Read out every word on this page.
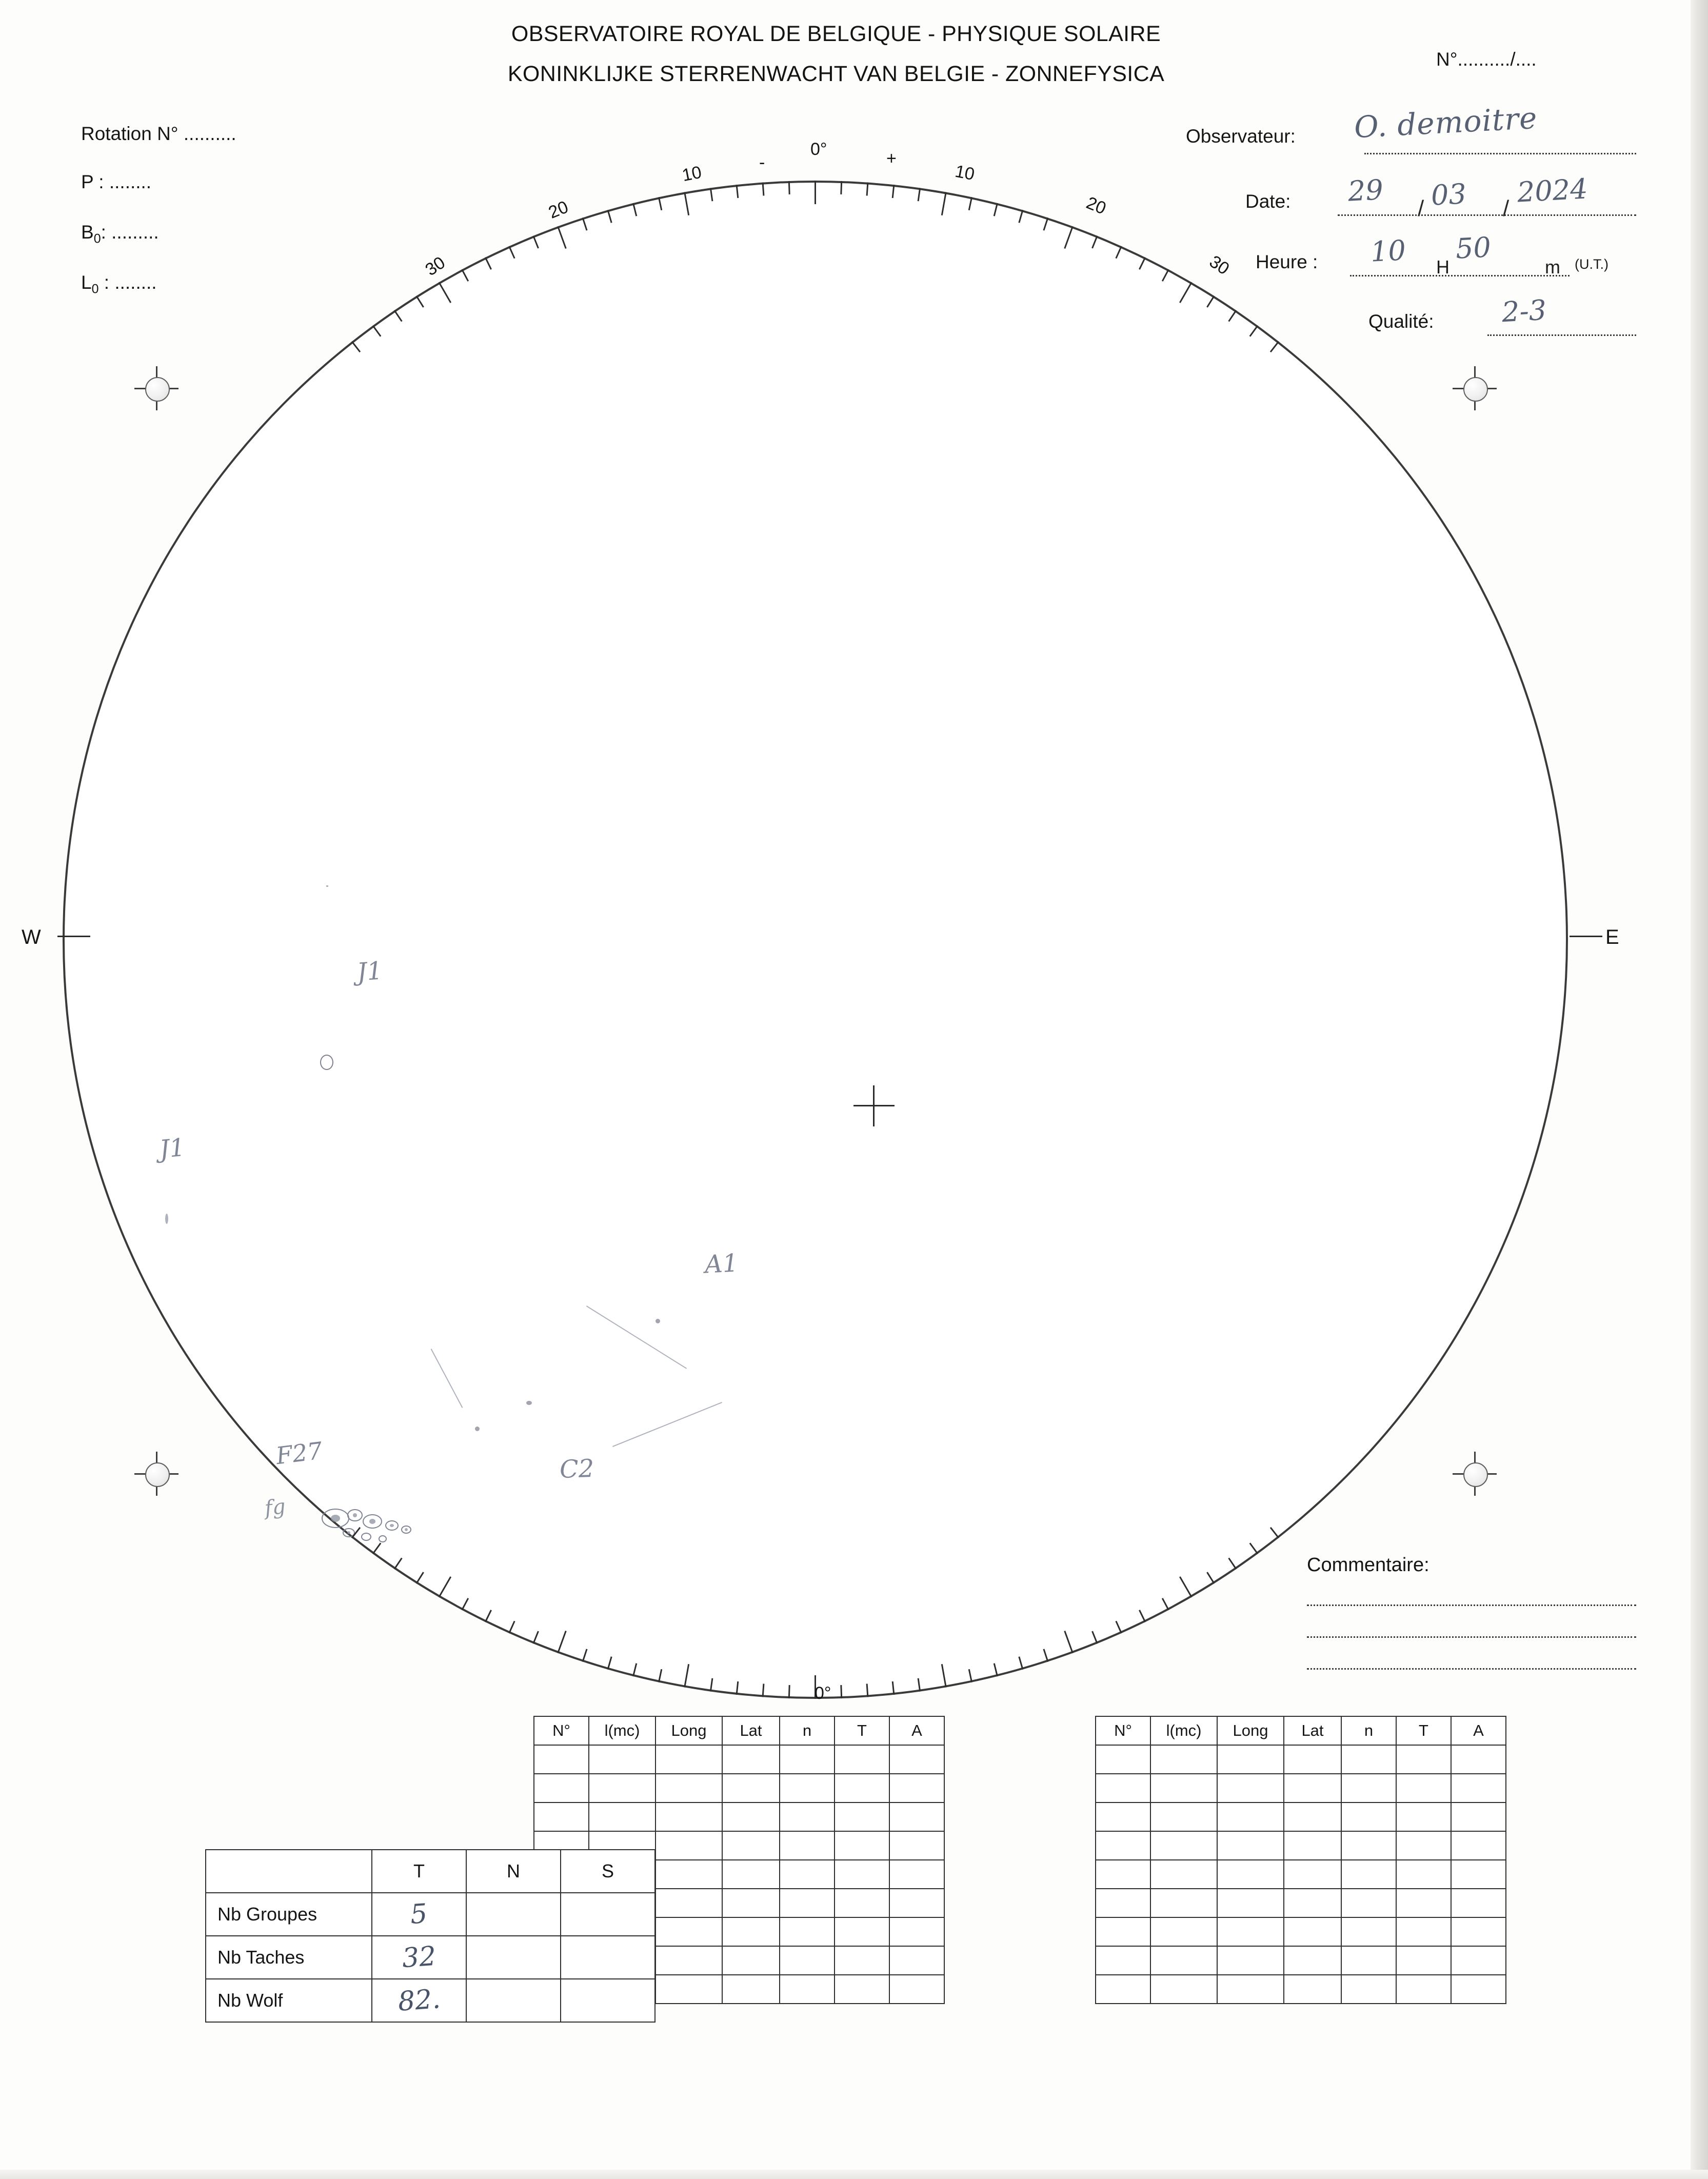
OBSERVATOIRE ROYAL DE BELGIQUE - PHYSIQUE SOLAIRE
KONINKLIJKE STERRENWACHT VAN BELGIE - ZONNEFYSICA
N°........../....
Rotation N° ..........
P : ........
$B_0$: .........
$L_0$ : ........
Observateur: O. demoitre
Date: 29 03 2024
/	/
Heure : 10 H
50
m (U.T.)
Qualité: 2-3
J1
J1
A1
F27	C2
fg
W	E
30
20
10	-
0°	+
10
20
30
0°
Commentaire:
N°	l(mc)	Long	Lat	n	T	A

							N°	l(mc)	Long	Lat	n	T	A

	T	N	S
Nb Groupes	5		
Nb Taches	32		
Nb Wolf	82.		
